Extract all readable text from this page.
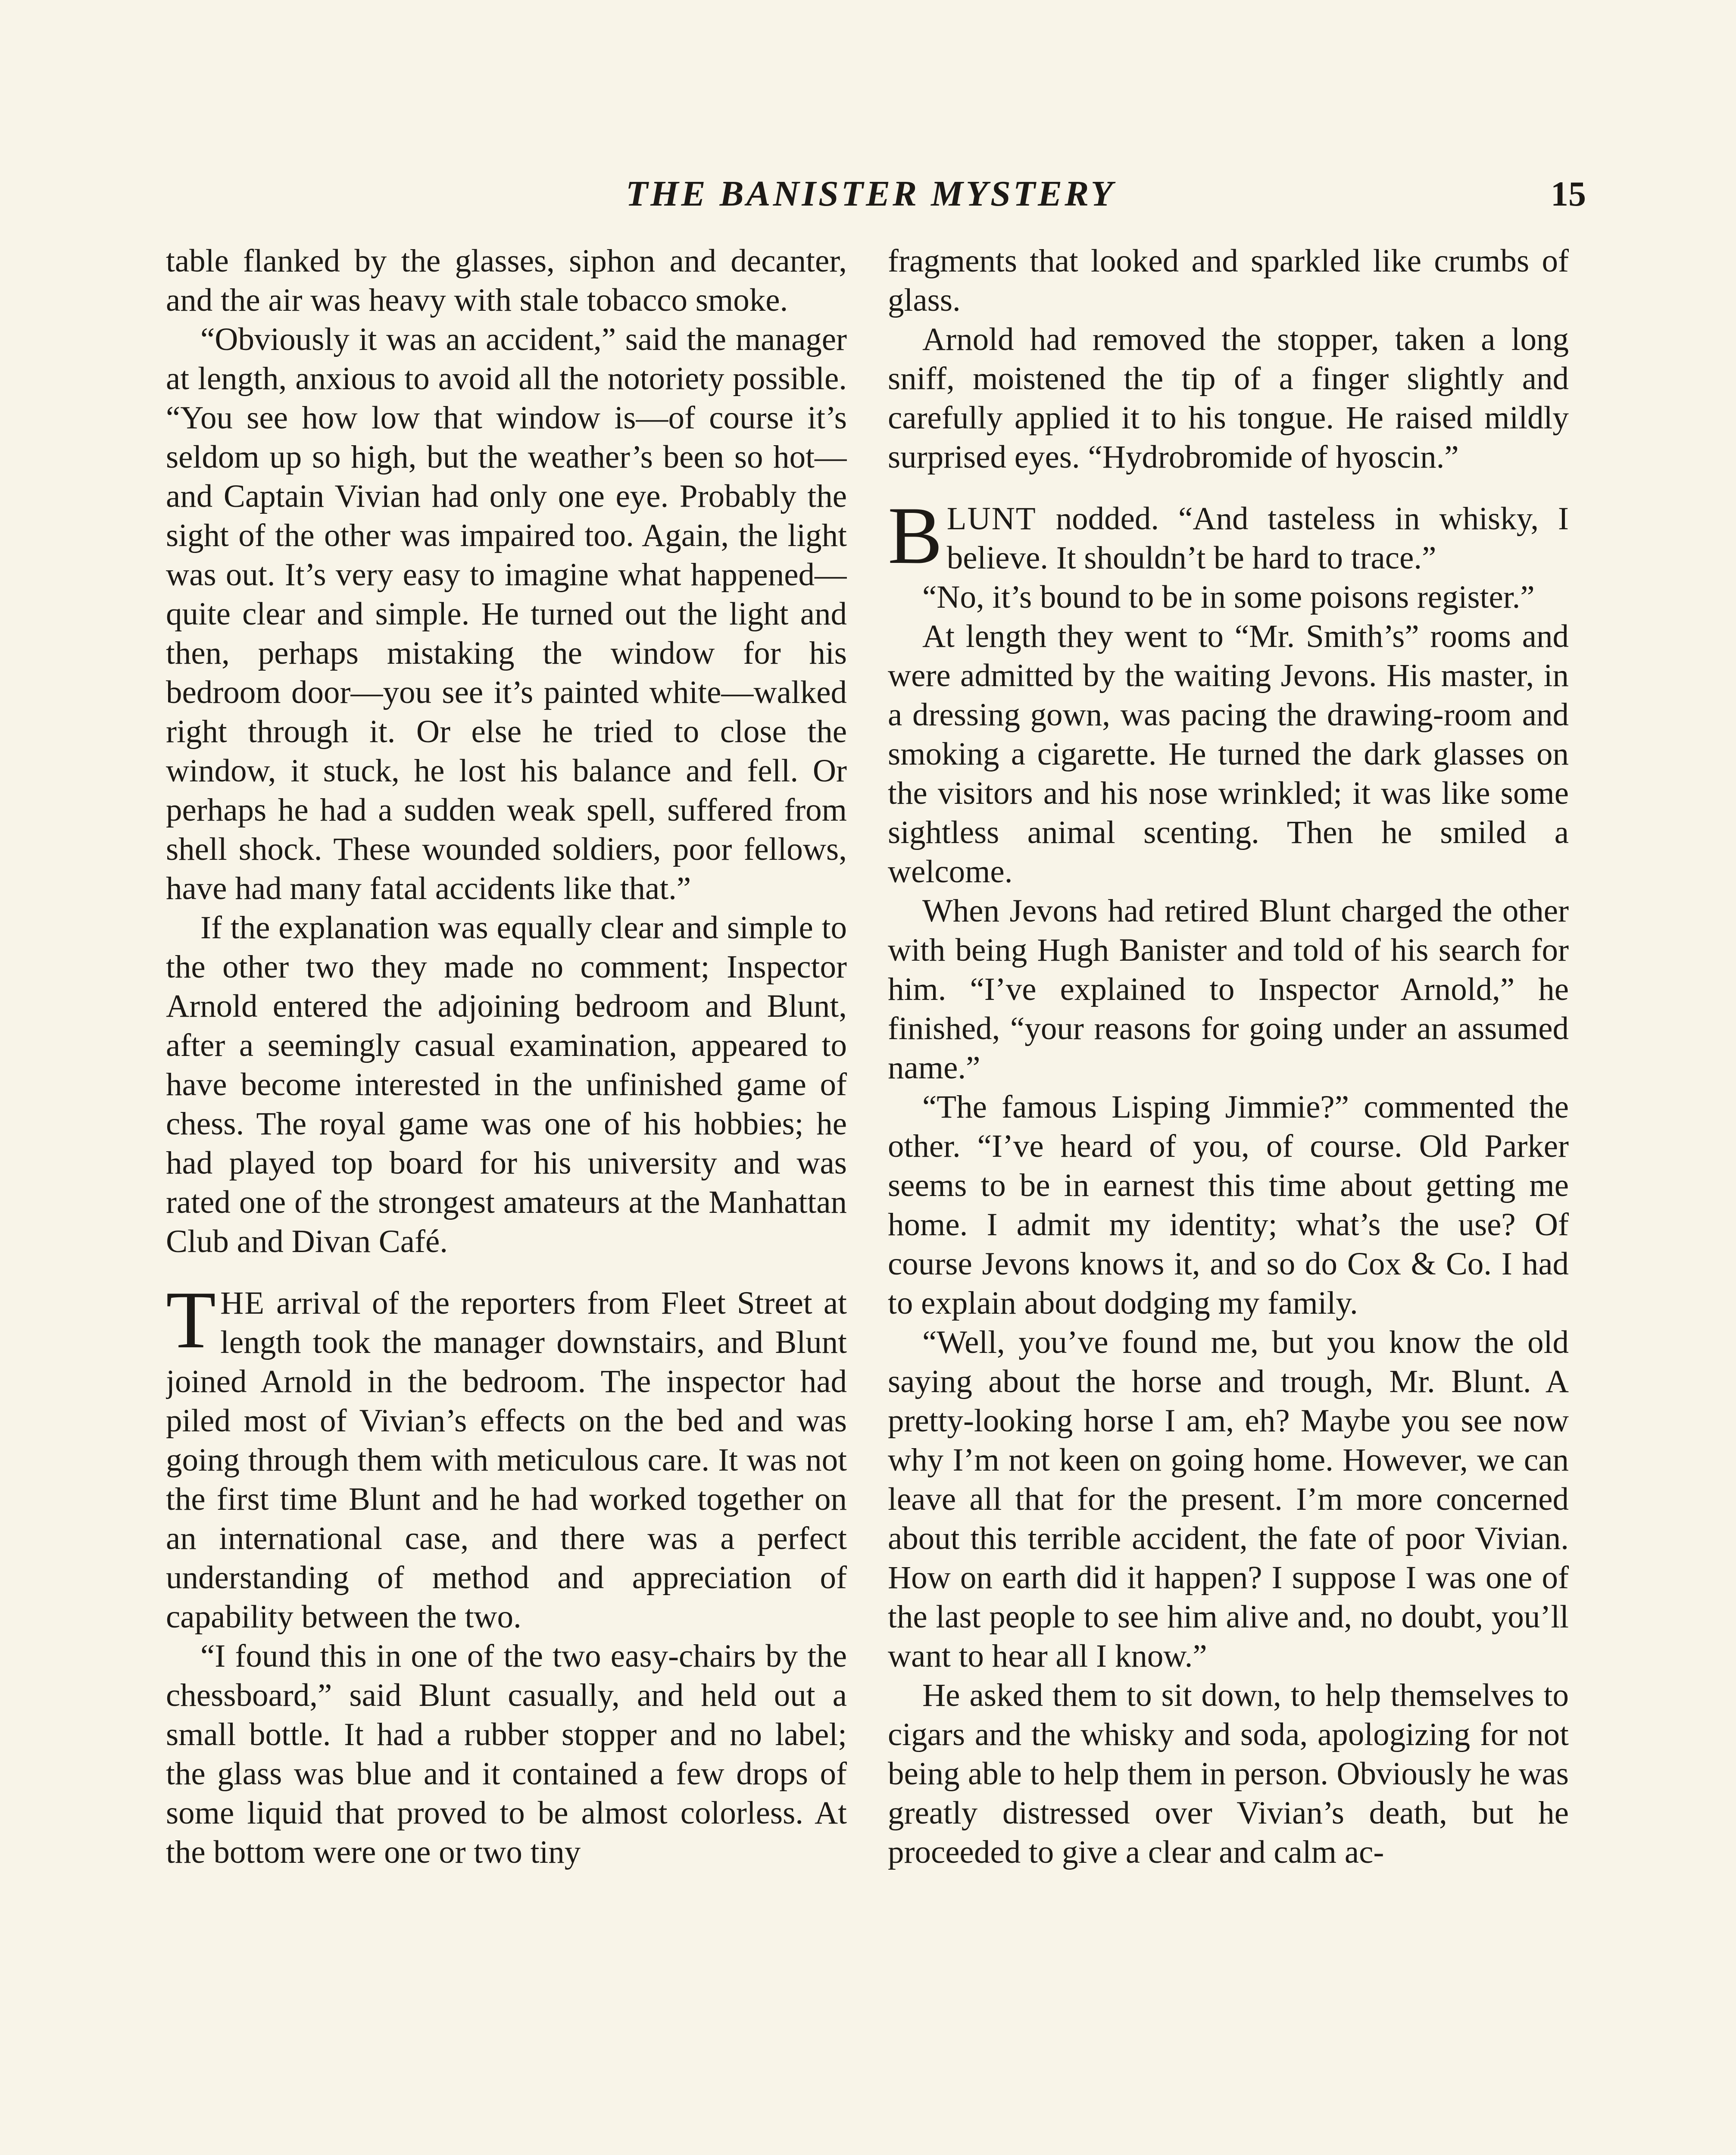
THE BANISTER MYSTERY	15

table flanked by the glasses, siphon and decanter, and the air was heavy with stale tobacco smoke.

“Obviously it was an accident,” said the manager at length, anxious to avoid all the notoriety possible. “You see how low that window is—of course it’s seldom up so high, but the weather’s been so hot—and Captain Vivian had only one eye. Probably the sight of the other was impaired too. Again, the light was out. It’s very easy to imagine what happened—quite clear and simple. He turned out the light and then, perhaps mistaking the window for his bedroom door—you see it’s painted white—walked right through it. Or else he tried to close the window, it stuck, he lost his balance and fell. Or perhaps he had a sudden weak spell, suffered from shell shock. These wounded soldiers, poor fellows, have had many fatal accidents like that.”

If the explanation was equally clear and simple to the other two they made no comment; Inspector Arnold entered the adjoining bedroom and Blunt, after a seemingly casual examination, appeared to have become interested in the unfinished game of chess. The royal game was one of his hobbies; he had played top board for his university and was rated one of the strongest amateurs at the Manhattan Club and Divan Café.

THE arrival of the reporters from Fleet Street at length took the manager downstairs, and Blunt joined Arnold in the bedroom. The inspector had piled most of Vivian’s effects on the bed and was going through them with meticulous care. It was not the first time Blunt and he had worked together on an international case, and there was a perfect understanding of method and appreciation of capability between the two.

“I found this in one of the two easy-chairs by the chessboard,” said Blunt casually, and held out a small bottle. It had a rubber stopper and no label; the glass was blue and it contained a few drops of some liquid that proved to be almost colorless. At the bottom were one or two tiny

fragments that looked and sparkled like crumbs of glass.

Arnold had removed the stopper, taken a long sniff, moistened the tip of a finger slightly and carefully applied it to his tongue. He raised mildly surprised eyes. “Hydrobromide of hyoscin.”

BLUNT nodded. “And tasteless in whisky, I believe. It shouldn’t be hard to trace.”

“No, it’s bound to be in some poisons register.”

At length they went to “Mr. Smith’s” rooms and were admitted by the waiting Jevons. His master, in a dressing gown, was pacing the drawing-room and smoking a cigarette. He turned the dark glasses on the visitors and his nose wrinkled; it was like some sightless animal scenting. Then he smiled a welcome.

When Jevons had retired Blunt charged the other with being Hugh Banister and told of his search for him. “I’ve explained to Inspector Arnold,” he finished, “your reasons for going under an assumed name.”

“The famous Lisping Jimmie?” commented the other. “I’ve heard of you, of course. Old Parker seems to be in earnest this time about getting me home. I admit my identity; what’s the use? Of course Jevons knows it, and so do Cox & Co. I had to explain about dodging my family.

“Well, you’ve found me, but you know the old saying about the horse and trough, Mr. Blunt. A pretty-looking horse I am, eh? Maybe you see now why I’m not keen on going home. However, we can leave all that for the present. I’m more concerned about this terrible accident, the fate of poor Vivian. How on earth did it happen? I suppose I was one of the last people to see him alive and, no doubt, you’ll want to hear all I know.”

He asked them to sit down, to help themselves to cigars and the whisky and soda, apologizing for not being able to help them in person. Obviously he was greatly distressed over Vivian’s death, but he proceeded to give a clear and calm ac-
